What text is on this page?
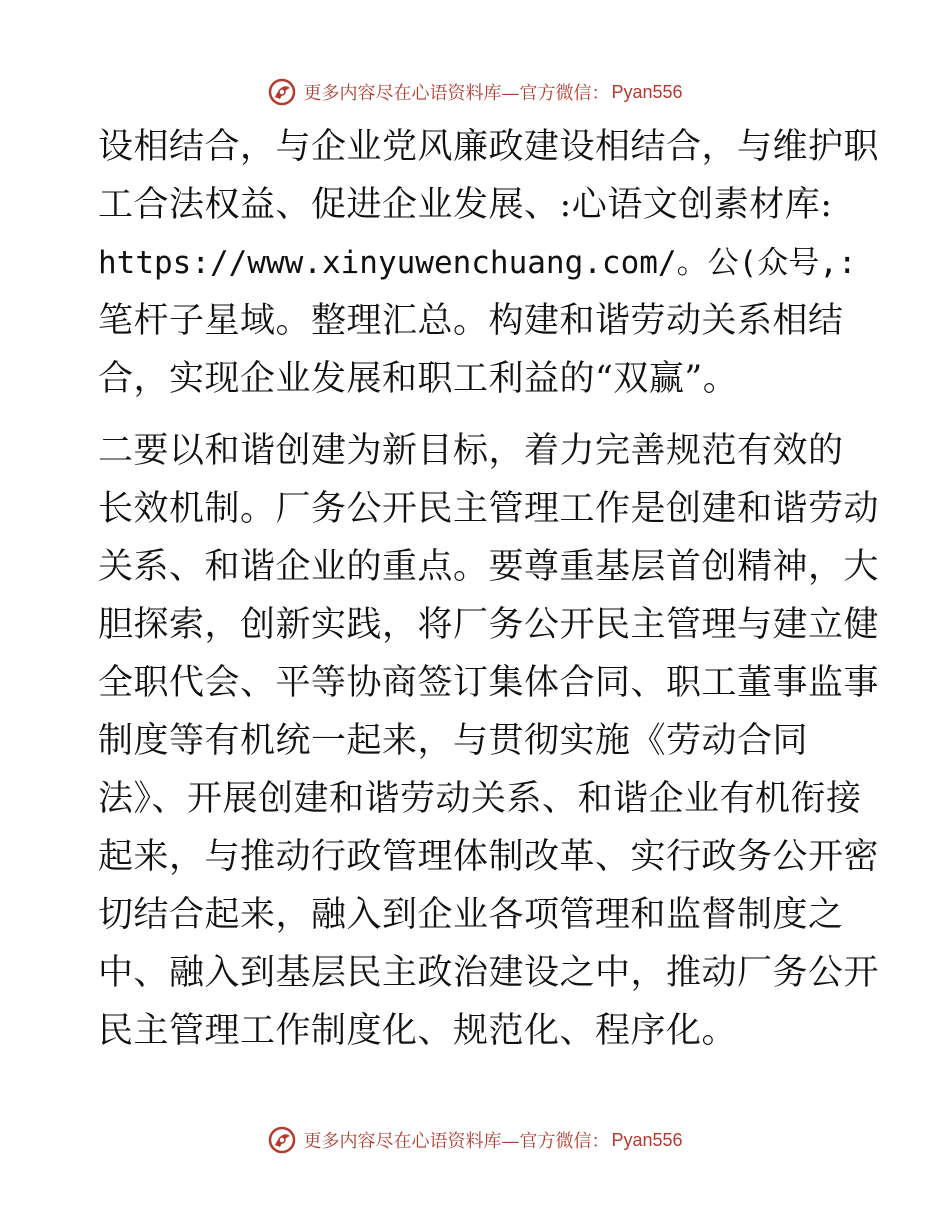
更多内容尽在心语资料库—官方微信： Pyan556
设相结合，与企业党风廉政建设相结合，与维护职
工合法权益、促进企业发展、:心语文创素材库:
https://www.xinyuwenchuang.com/。公(众号,:
笔杆子星域。整理汇总。构建和谐劳动关系相结
合，实现企业发展和职工利益的“双赢”。
二要以和谐创建为新目标，着力完善规范有效的
长效机制。厂务公开民主管理工作是创建和谐劳动
关系、和谐企业的重点。要尊重基层首创精神，大
胆探索，创新实践，将厂务公开民主管理与建立健
全职代会、平等协商签订集体合同、职工董事监事
制度等有机统一起来，与贯彻实施《劳动合同
法》、开展创建和谐劳动关系、和谐企业有机衔接
起来，与推动行政管理体制改革、实行政务公开密
切结合起来，融入到企业各项管理和监督制度之
中、融入到基层民主政治建设之中，推动厂务公开
民主管理工作制度化、规范化、程序化。
更多内容尽在心语资料库—官方微信： Pyan556
